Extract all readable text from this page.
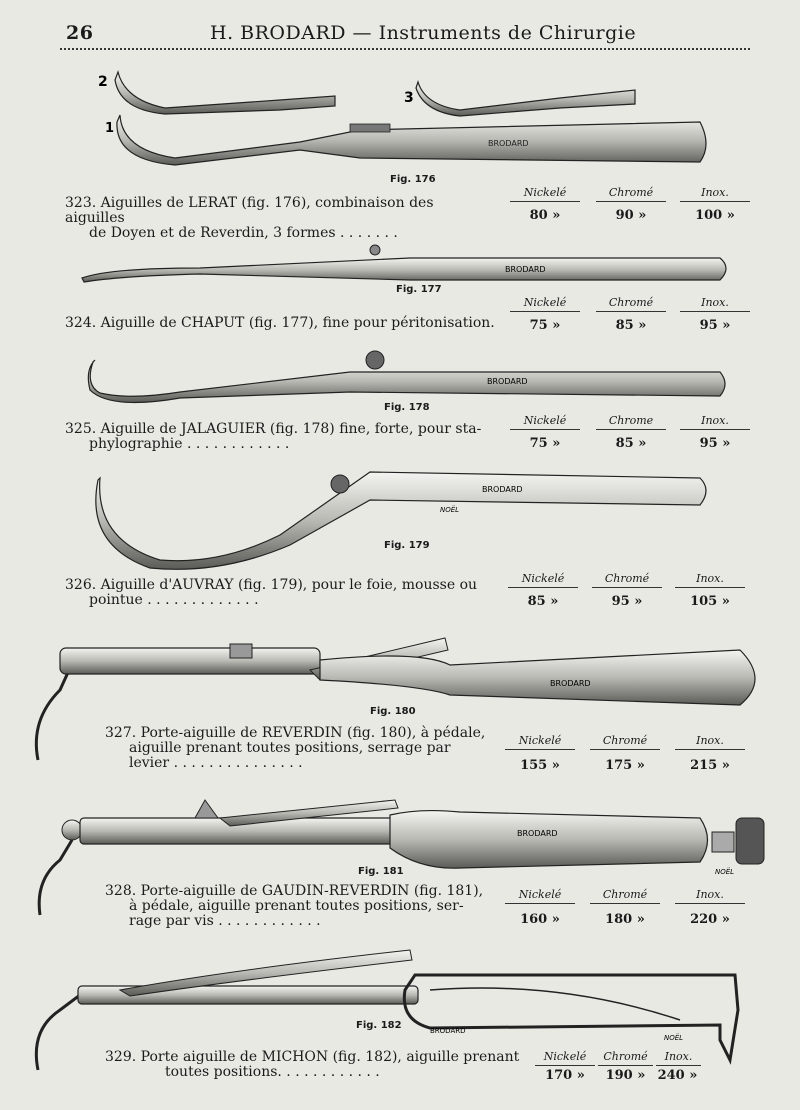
26	H. BRODARD — Instruments de Chirurgie
2
1
3
BRODARD
BRODARD
BRODARD
BRODARD
NOËL
BRODARD
BRODARD
NOËL
BRODARD
NOËL
Fig. 176
Fig. 177
Fig. 178
Fig. 179
Fig. 180
Fig. 181
Fig. 182
323. Aiguilles de LERAT (fig. 176), combinaison des aiguilles
de Doyen et de Reverdin, 3 formes . . . . . . .
Nickelé	Chromé	Inox.
80 »	90 »	100 »
324. Aiguille de CHAPUT (fig. 177), fine pour péritonisation.
Nickelé	Chromé	Inox.
75 »	85 »	95 »
325. Aiguille de JALAGUIER (fig. 178) fine, forte, pour sta-
phylographie . . . . . . . . . . . .
Nickelé	Chrome	Inox.
75 »	85 »	95 »
326. Aiguille d'AUVRAY (fig. 179), pour le foie, mousse ou
pointue . . . . . . . . . . . . .
Nickelé	Chromé	Inox.
85 »	95 »	105 »
327. Porte-aiguille de REVERDIN (fig. 180), à pédale,
aiguille prenant toutes positions, serrage par
levier . . . . . . . . . . . . . . .
Nickelé	Chromé	Inox.
155 »	175 »	215 »
328. Porte-aiguille de GAUDIN-REVERDIN (fig. 181),
à pédale, aiguille prenant toutes positions, ser-
rage par vis . . . . . . . . . . . .
Nickelé	Chromé	Inox.
160 »	180 »	220 »
329. Porte aiguille de MICHON (fig. 182), aiguille prenant
toutes positions. . . . . . . . . . . .
Nickelé	Chromé	Inox.
170 »	190 » 240 »
